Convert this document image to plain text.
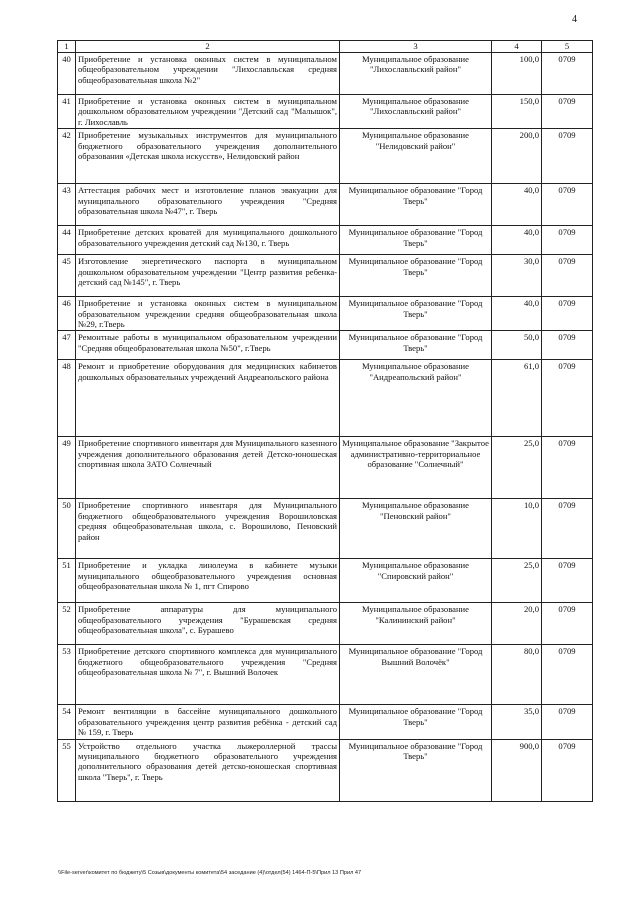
4
1	2	3	4	5
40	Приобретение и установка оконных систем в муниципальном общеобразовательном учреждении "Лихославльская средняя общеобразовательная школа №2"	Муниципальное образование "Лихославльский район"	100,0	0709
41	Приобретение и установка оконных систем в муниципальном дошкольном образовательном учреждении "Детский сад "Малышок", г. Лихославль	Муниципальное образование "Лихославльский район"	150,0	0709
42	Приобретение музыкальных инструментов для муниципального бюджетного образовательного учреждения дополнительного образования «Детская школа искусств», Нелидовский район	Муниципальное образование "Нелидовский район"	200,0	0709
43	Аттестация рабочих мест и изготовление планов эвакуации для муниципального образовательного учреждения "Средняя образовательная школа №47", г. Тверь	Муниципальное образование "Город Тверь"	40,0	0709
44	Приобретение детских кроватей для муниципального дошкольного образовательного учреждения детский сад №130, г. Тверь	Муниципальное образование "Город Тверь"	40,0	0709
45	Изготовление энергетического паспорта в муниципальном дошкольном образовательном учреждении "Центр развития ребенка-детский сад №145", г. Тверь	Муниципальное образование "Город Тверь"	30,0	0709
46	Приобретение и установка оконных систем в муниципальном образовательном учреждении средняя общеобразовательная школа №29, г.Тверь	Муниципальное образование "Город Тверь"	40,0	0709
47	Ремонтные работы в муниципальном образовательном учреждении "Средняя общеобразовательная школа №50", г.Тверь	Муниципальное образование "Город Тверь"	50,0	0709
48	Ремонт и приобретение оборудования для медицинских кабинетов дошкольных образовательных учреждений Андреапольского района	Муниципальное образование "Андреапольский район"	61,0	0709
49	Приобретение спортивного инвентаря для Муниципального казенного учреждения дополнительного образования детей Детско-юношеская спортивная школа ЗАТО Солнечный	Муниципальное образование "Закрытое административно-территориальное образование "Солнечный"	25,0	0709
50	Приобретение спортивного инвентаря для Муниципального бюджетного общеобразовательного учреждения Ворошиловская средняя общеобразовательная школа, с. Ворошилово, Пеновский район	Муниципальное образование "Пеновский район"	10,0	0709
51	Приобретение и укладка линолеума в кабинете музыки муниципального общеобразовательного учреждения основная общеобразовательная школа № 1, пгт Спирово	Муниципальное образование "Спировский район"	25,0	0709
52	Приобретение аппаратуры для муниципального общеобразовательного учреждения "Бурашевская средняя общеобразовательная школа", с. Бурашево	Муниципальное образование "Калининский район"	20,0	0709
53	Приобретение детского спортивного комплекса для муниципального бюджетного общеобразовательного учреждения "Средняя общеобразовательная школа № 7", г. Вышний Волочек	Муниципальное образование "Город Вышний Волочёк"	80,0	0709
54	Ремонт вентиляции в бассейне муниципального дошкольного образовательного учреждения центр развития ребёнка - детский сад № 159, г. Тверь	Муниципальное образование "Город Тверь"	35,0	0709
55	Устройство отдельного участка лыжероллерной трассы муниципального бюджетного образовательного учреждения дополнительного образования детей детско-юношеская спортивная школа "Тверь", г. Тверь	Муниципальное образование "Город Тверь"	900,0	0709
\\File-server\комитет по бюджету\5 Созыв\документы комитета\54 заседание (4)\отдел(54) 1464-П-5\Прил 13 Прил 47
